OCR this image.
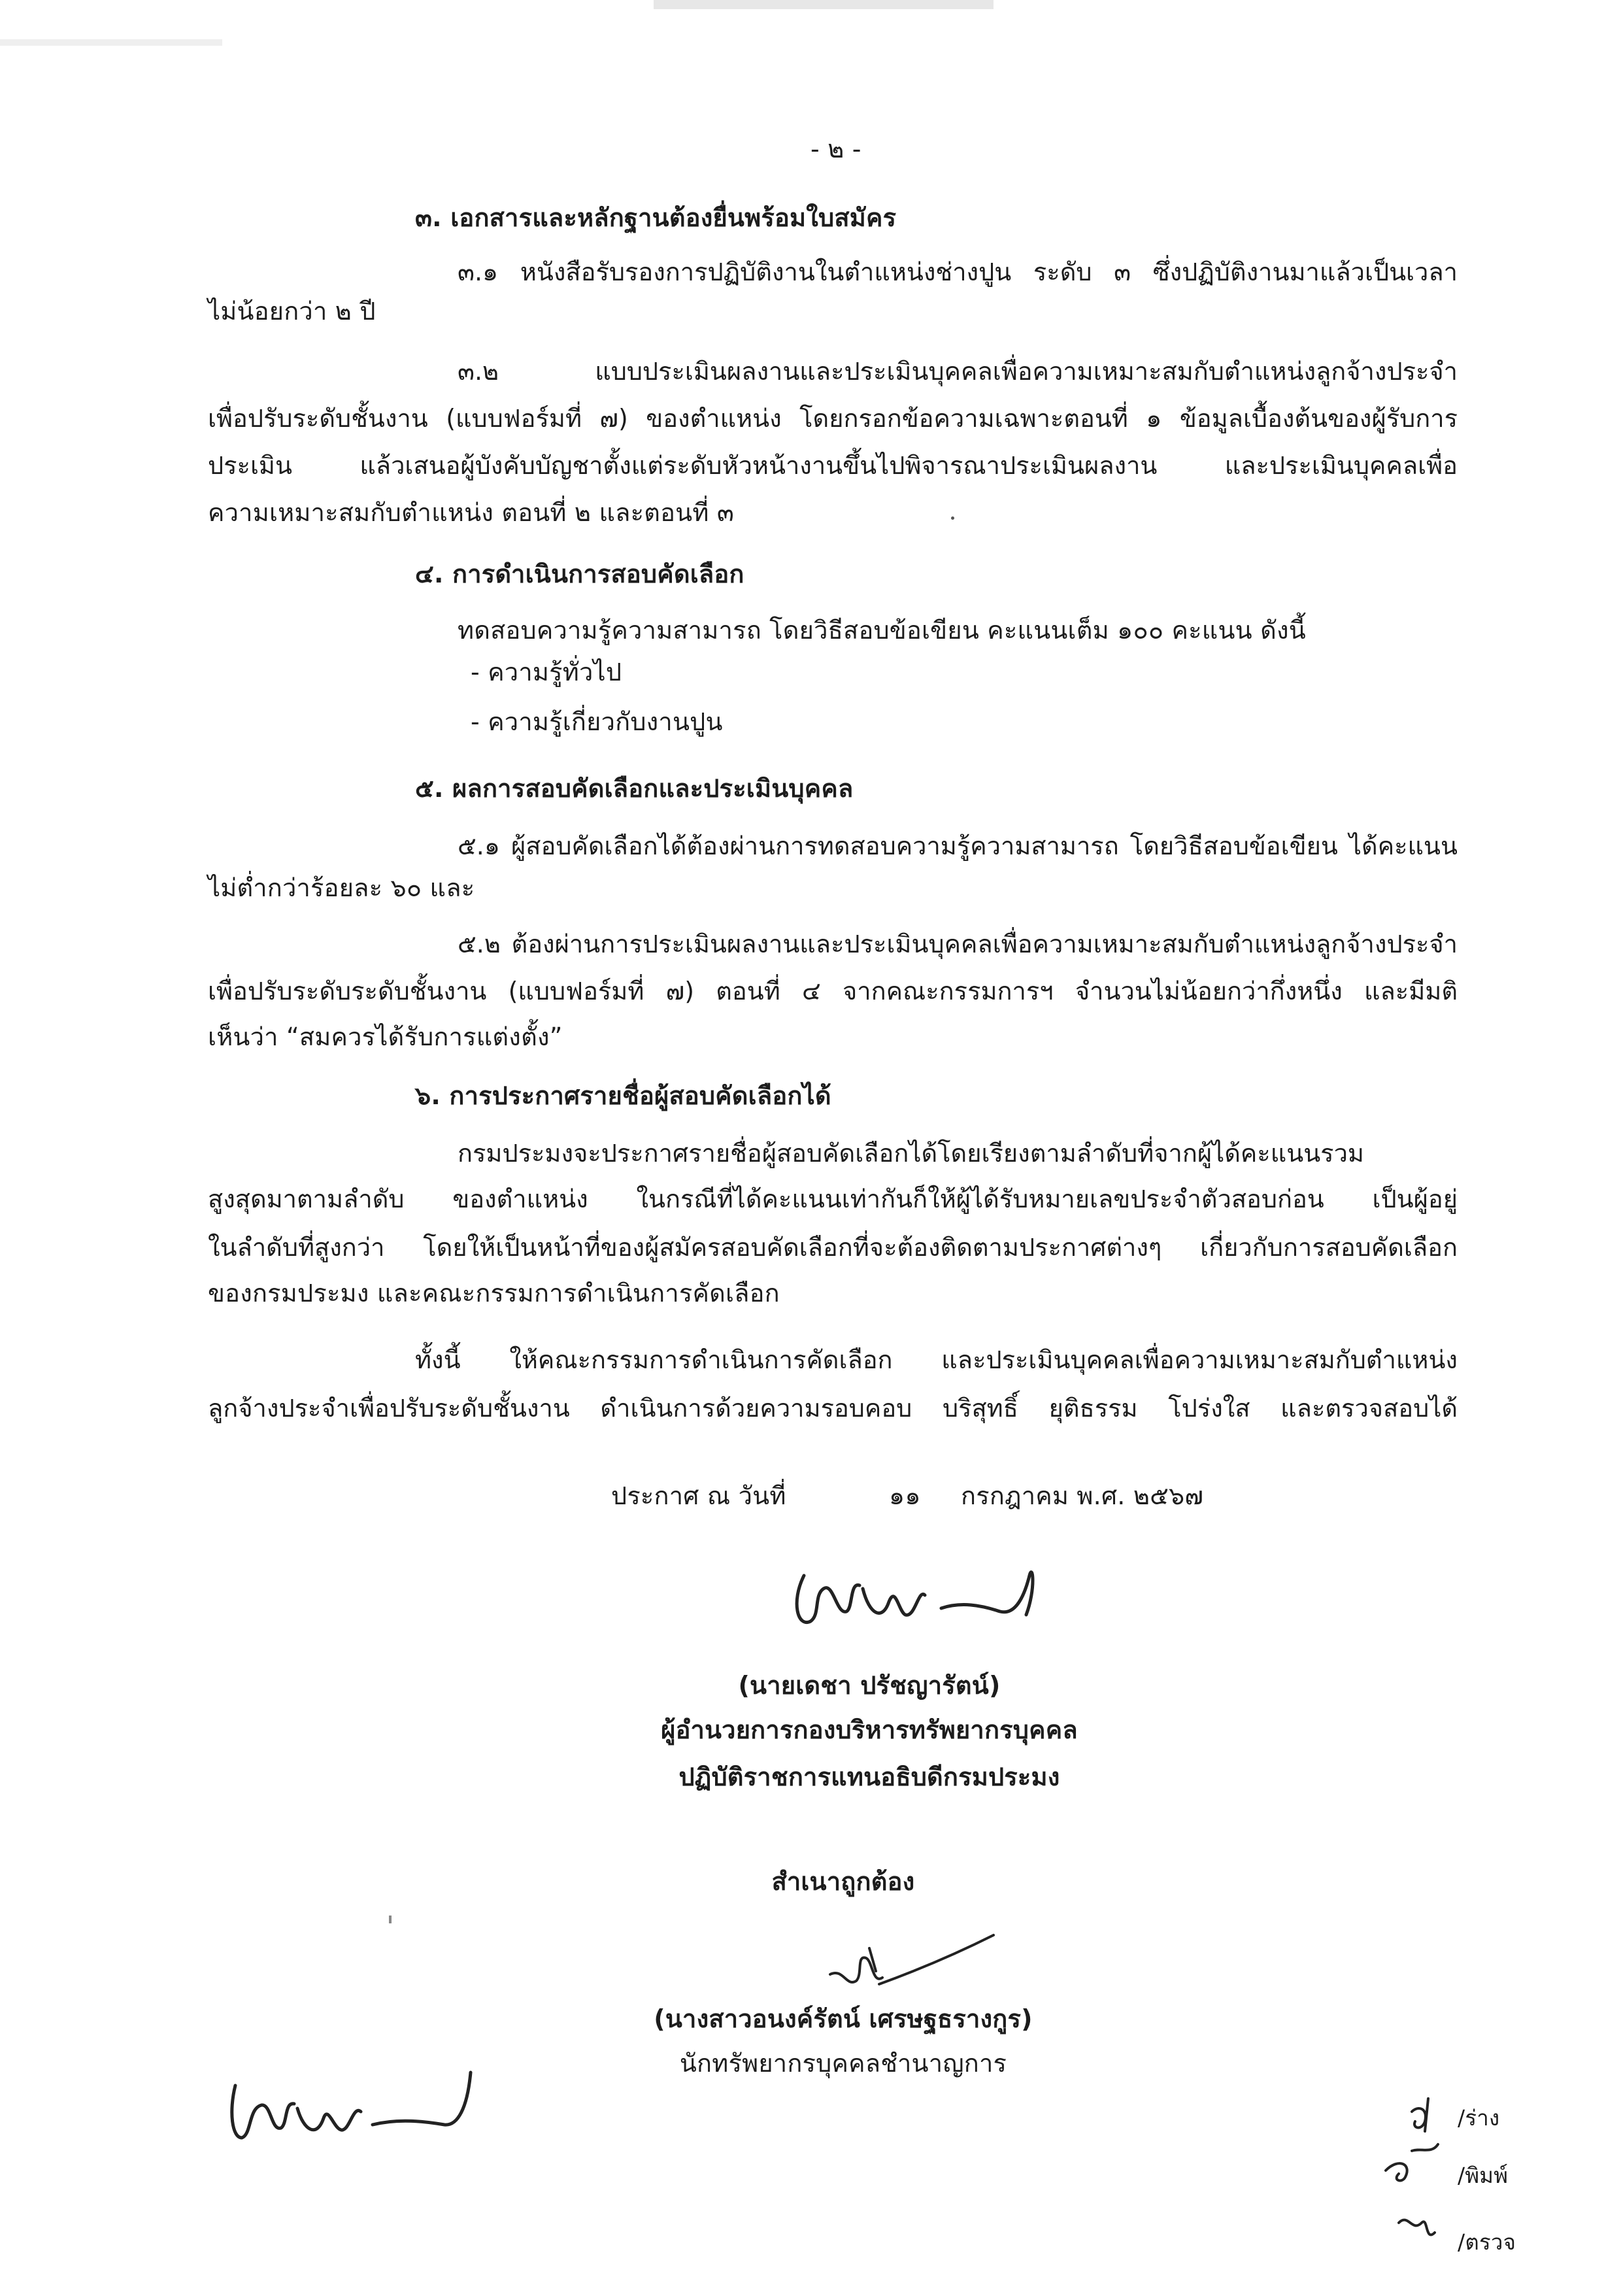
- ๒ -
๓. เอกสารและหลักฐานต้องยื่นพร้อมใบสมัคร
๓.๑ หนังสือรับรองการปฏิบัติงานในตำแหน่งช่างปูน ระดับ ๓ ซึ่งปฏิบัติงานมาแล้วเป็นเวลา
ไม่น้อยกว่า ๒ ปี
๓.๒ แบบประเมินผลงานและประเมินบุคคลเพื่อความเหมาะสมกับตำแหน่งลูกจ้างประจำ
เพื่อปรับระดับชั้นงาน (แบบฟอร์มที่ ๗) ของตำแหน่ง โดยกรอกข้อความเฉพาะตอนที่ ๑ ข้อมูลเบื้องต้นของผู้รับการ
ประเมิน แล้วเสนอผู้บังคับบัญชาตั้งแต่ระดับหัวหน้างานขึ้นไปพิจารณาประเมินผลงาน และประเมินบุคคลเพื่อ
ความเหมาะสมกับตำแหน่ง ตอนที่ ๒ และตอนที่ ๓
๔. การดำเนินการสอบคัดเลือก
ทดสอบความรู้ความสามารถ โดยวิธีสอบข้อเขียน คะแนนเต็ม ๑๐๐ คะแนน ดังนี้
- ความรู้ทั่วไป
- ความรู้เกี่ยวกับงานปูน
๕. ผลการสอบคัดเลือกและประเมินบุคคล
๕.๑ ผู้สอบคัดเลือกได้ต้องผ่านการทดสอบความรู้ความสามารถ โดยวิธีสอบข้อเขียน ได้คะแนน
ไม่ต่ำกว่าร้อยละ ๖๐ และ
๕.๒ ต้องผ่านการประเมินผลงานและประเมินบุคคลเพื่อความเหมาะสมกับตำแหน่งลูกจ้างประจำ
เพื่อปรับระดับระดับชั้นงาน (แบบฟอร์มที่ ๗) ตอนที่ ๔ จากคณะกรรมการฯ จำนวนไม่น้อยกว่ากึ่งหนึ่ง และมีมติ
เห็นว่า “สมควรได้รับการแต่งตั้ง”
๖. การประกาศรายชื่อผู้สอบคัดเลือกได้
กรมประมงจะประกาศรายชื่อผู้สอบคัดเลือกได้โดยเรียงตามลำดับที่จากผู้ได้คะแนนรวม
สูงสุดมาตามลำดับ ของตำแหน่ง ในกรณีที่ได้คะแนนเท่ากันก็ให้ผู้ได้รับหมายเลขประจำตัวสอบก่อน เป็นผู้อยู่
ในลำดับที่สูงกว่า โดยให้เป็นหน้าที่ของผู้สมัครสอบคัดเลือกที่จะต้องติดตามประกาศต่างๆ เกี่ยวกับการสอบคัดเลือก
ของกรมประมง และคณะกรรมการดำเนินการคัดเลือก
ทั้งนี้ ให้คณะกรรมการดำเนินการคัดเลือก และประเมินบุคคลเพื่อความเหมาะสมกับตำแหน่ง
ลูกจ้างประจำเพื่อปรับระดับชั้นงาน ดำเนินการด้วยความรอบคอบ บริสุทธิ์ ยุติธรรม โปร่งใส และตรวจสอบได้
ประกาศ ณ วันที่	๑๑ กรกฎาคม พ.ศ. ๒๕๖๗
(นายเดชา ปรัชญารัตน์)
ผู้อำนวยการกองบริหารทรัพยากรบุคคล
ปฏิบัติราชการแทนอธิบดีกรมประมง
สำเนาถูกต้อง
(นางสาวอนงค์รัตน์ เศรษฐธรางกูร)
นักทรัพยากรบุคคลชำนาญการ
/ร่าง
/พิมพ์
/ตรวจ
